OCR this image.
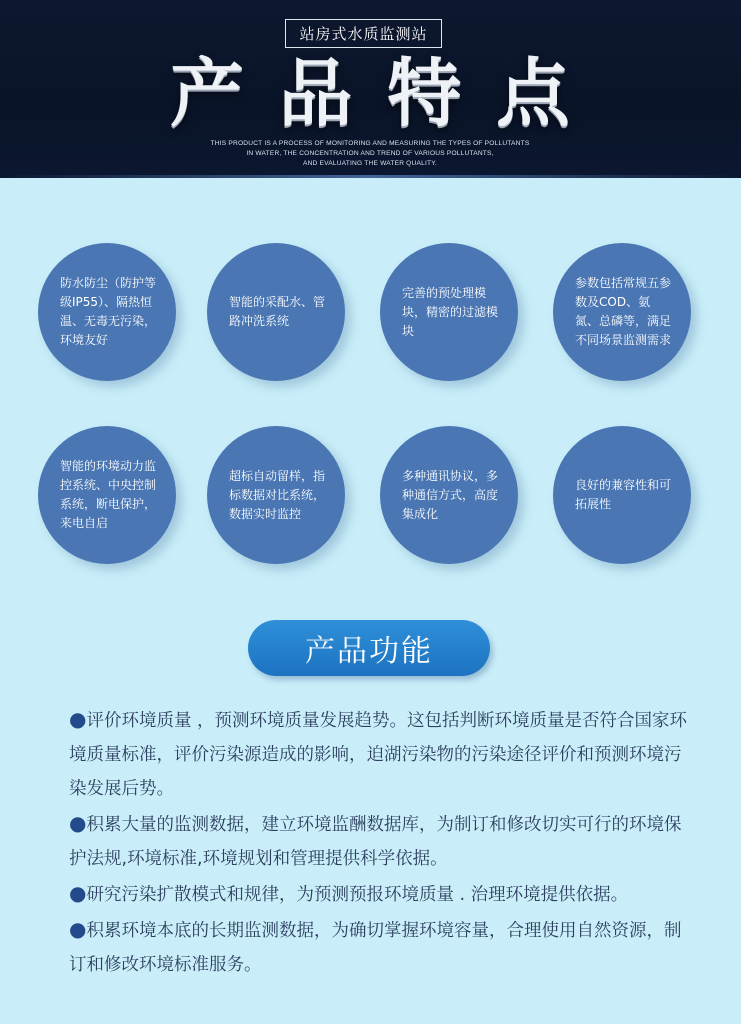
站房式水质监测站
产 品 特 点
THIS PRODUCT IS A PROCESS OF MONITORING AND MEASURING THE TYPES OF POLLUTANTS
IN WATER, THE CONCENTRATION AND TREND OF VARIOUS POLLUTANTS,
AND EVALUATING THE WATER QUALITY.
防水防尘（防护等级IP55）、隔热恒温、无毒无污染，环境友好
智能的采配水、管路冲洗系统
完善的预处理模块，精密的过滤模块
参数包括常规五参数及COD、氨氮、总磷等，满足不同场景监测需求
智能的环境动力监控系统、中央控制系统，断电保护，来电自启
超标自动留样，指标数据对比系统，数据实时监控
多种通讯协议，多种通信方式，高度集成化
良好的兼容性和可拓展性
产品功能

●评价环境质量 ，预测环境质量发展趋势。这包括判断环境质量是否符合国家环境质量标准，评价污染源造成的影响，迫湖污染物的污染途径评价和预测环境污染发展后势。

●积累大量的监测数据，建立环境监酬数据库，为制订和修改切实可行的环境保护法规,环境标准,环境规划和管理提供科学依据。

●研究污染扩散模式和规律，为预测预报环境质量 . 治理环境提供依据。

●积累环境本底的长期监测数据，为确切掌握环境容量，合理使用自然资源，制订和修改环境标准服务。
